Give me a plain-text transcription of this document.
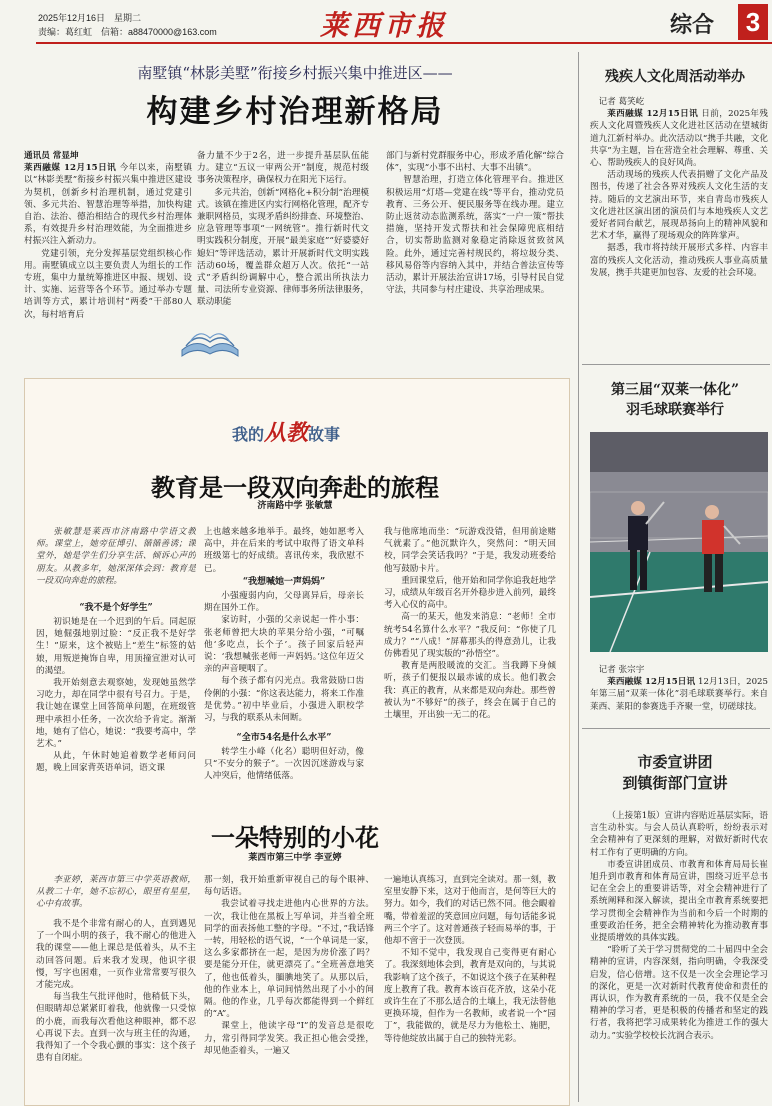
2025年12月16日　星期二
责编：葛红虹　信箱：a88470000@163.com	莱西市报	综合 3
南墅镇“林影美墅”衔接乡村振兴集中推进区——
构建乡村治理新格局

通讯员 常显坤

莱西融媒 12月15日讯 今年以来，南墅镇以“林影美墅”衔接乡村振兴集中推进区建设为契机，创新乡村治理机制，通过党建引领、多元共治、智慧治理等举措，加快构建自治、法治、德治相结合的现代乡村治理体系，有效提升乡村治理效能，为全面推进乡村振兴注入新动力。

党建引领，充分发挥基层党组织核心作用。南墅镇成立以主要负责人为组长的工作专班，集中力量统筹推进区申报、规划、设计、实施、运营等各个环节。通过举办专题培训等方式，累计培训村“两委”干部80人次，每村培育后

备力量不少于2名，进一步提升基层队伍能力。建立“五议一审两公开”制度，规范村级事务决策程序，确保权力在阳光下运行。

多元共治，创新“网格化+积分制”治理模式。该镇在推进区内实行网格化管理，配齐专兼职网格员，实现矛盾纠纷排查、环境整治、应急管理等事项“一网统管”。推行新时代文明实践积分制度，开展“最美家庭”“好婆婆好媳妇”等评选活动，累计开展新时代文明实践活动60场，覆盖群众超万人次。依托“一站式”矛盾纠纷调解中心，整合派出所执法力量、司法所专业资源、律师事务所法律服务，联动职能

部门与新村党群服务中心，形成矛盾化解“综合体”，实现“小事不出村、大事不出镇”。

智慧治理，打造立体化管理平台。推进区积极运用“灯塔—党建在线”等平台，推动党员教育、三务公开、便民服务等在线办理。建立防止返贫动态监测系统，落实“一户一策”帮扶措施，坚持开发式帮扶和社会保障兜底相结合，切实帮助监测对象稳定消除返贫致贫风险。此外，通过完善村规民约，将垃圾分类、移风易俗等内容纳入其中，并结合普法宣传等活动，累计开展法治宣讲17场，引导村民自觉守法，共同参与村庄建设、共享治理成果。

残疾人文化周活动举办

记者 葛笑屹

莱西融媒 12月15日讯 日前，2025年残疾人文化周暨残疾人文化进社区活动在望城街道九江新村举办。此次活动以“携手共融，文化共享”为主题，旨在营造全社会理解、尊重、关心、帮助残疾人的良好风尚。

活动现场的残疾人代表捐赠了文化产品及图书，传递了社会各界对残疾人文化生活的支持。随后的文艺演出环节，来自青岛市残疾人文化进社区演出团的演员们与本地残疾人文艺爱好者同台献艺，展现昂扬向上的精神风貌和艺术才华，赢得了现场观众的阵阵掌声。

据悉，我市将持续开展形式多样、内容丰富的残疾人文化活动，推动残疾人事业高质量发展，携手共建更加包容、友爱的社会环境。

第三届“双莱一体化”
羽毛球联赛举行

记者 张宗宇

莱西融媒 12月15日讯 12月13日，2025年第三届“双莱一体化”羽毛球联赛举行。来自莱西、莱阳的参赛选手齐聚一堂，切磋球技。

市委宣讲团
到镇街部门宣讲

（上接第1版）宣讲内容贴近基层实际，语言生动朴实。与会人员认真聆听，纷纷表示对全会精神有了更深刻的理解，对做好新时代农村工作有了更明确的方向。

市委宣讲团成员、市教育和体育局局长崔旭升到市教育和体育局宣讲，围绕习近平总书记在全会上的重要讲话等，对全会精神进行了系统阐释和深入解读，提出全市教育系统要把学习贯彻全会精神作为当前和今后一个时期的重要政治任务，把全会精神转化为推动教育事业提质增效的具体实践。

“聆听了关于学习贯彻党的二十届四中全会精神的宣讲，内容深刻，指向明确，令我深受启发，信心倍增。这不仅是一次全会理论学习的深化，更是一次对新时代教育使命和责任的再认识，作为教育系统的一员，我不仅是全会精神的学习者，更是积极的传播者和坚定的践行者，我将把学习成果转化为推进工作的强大动力。”实验学校校长沈润合表示。

我的从教故事
教育是一段双向奔赴的旅程
济南路中学 张敏慧

张敏慧是莱西市济南路中学语文教师。课堂上，她旁征博引、循循善诱；课堂外，她是学生们分享生活、倾诉心声的朋友。从教多年，她深深体会到：教育是一段双向奔赴的旅程。

“我不是个好学生”

初识她是在一个迟到的午后。同起原因，她倔强地别过脸：“反正我不是好学生！”原来，这个被贴上“差生”标签的姑娘，用叛逆掩饰自卑，用顶撞宣泄对认可的渴望。

我开始刻意去观察她，发现她虽然学习吃力，却在同学中很有号召力。于是，我让她在课堂上回答简单问题，在班级管理中承担小任务，一次次给予肯定。渐渐地，她有了信心，她说：“我要考高中，学艺术。”

从此，午休时她追着数学老师问问题，晚上回家背英语单词，语文课

上也越来越多地举手。最终，她如愿考入高中，并在后来的考试中取得了语文单科班级第七的好成绩。喜讯传来，我欣慰不已。

“我想喊她一声妈妈”

小强瘦弱内向，父母离异后，母亲长期在国外工作。

家访时，小强的父亲说起一件小事：张老师曾把大块的苹果分给小强，“可嘱他‘多吃点，长个子’。孩子回家后轻声说：‘我想喊张老师一声妈妈。’这位年迈父亲的声音哽咽了。

每个孩子都有闪光点。我常鼓励口齿伶俐的小强：“你这表达能力，将来工作准是优势。”初中毕业后，小强进入职校学习，与我的联系从未间断。

“全市54名是什么水平”

转学生小峰（化名）聪明但好动，像只“不安分的猴子”。一次因沉迷游戏与家人冲突后，他情绪低落。

我与他席地而坐：“玩游戏没错，但用前途赌气就素了。”他沉默许久，突然问：“明天回校，同学会笑话我吗？”于是，我发动班委给他写鼓励卡片。

重回课堂后，他开始和同学你追我赶地学习，成绩从年级百名开外稳步进入前列，最终考入心仪的高中。

高一的某天，他发来消息：“老师！全市统考54名算什么水平？”我反问：“你使了几成力？”“八成！”屏幕那头的得意劲儿，让我仿佛看见了现实版的“孙悟空”。

教育是两股暖流的交汇。当我蹲下身倾听，孩子们便报以最赤诚的成长。他们教会我：真正的教育，从来都是双向奔赴。那些曾被认为“不够好”的孩子，终会在属于自己的土壤里，开出独一无二的花。

一朵特别的小花
莱西市第三中学 李亚婷

李亚婷，莱西市第三中学英语教师，从教二十年，她不忘初心，眼里有星星，心中有故事。

我不是个非常有耐心的人，直到遇见了一个叫小明的孩子，我不耐心的他进入我的课堂——他上课总是低着头，从不主动回答问题。后来我才发现，他识字很慢，写字也困难，一页作业常常要写很久才能完成。

每当我生气批评他时，他稍低下头，但眼睛却总紧紧盯着我，他就像一只受惊的小鹿，而我每次看他这种眼神，都不忍心再说下去。直到一次与班主任的沟通，我得知了一个令我心颤的事实：这个孩子患有自闭症。

那一刻，我开始重新审视自己的每个眼神、每句话语。

我尝试着寻找走进他内心世界的方法。一次，我让他在黑板上写单词，并当着全班同学的面表扬他工整的字母。“不过，”我话锋一转，用轻松的语气说，“一个单词是一家，这么多家都挤在一起，是因为房价涨了吗？要是能分开住，就更漂亮了。”全班善意地笑了，他也低着头，腼腆地笑了。从那以后，他的作业本上，单词间悄然出现了小小的间隔。他的作业，几乎每次都能得到一个鲜红的“A”。

课堂上，他读字母“I”的发音总是很吃力，常引得同学发笑。我正担心他会受挫，却见他歪着头，一遍又

一遍地认真练习，直到完全读对。那一刻，教室里安静下来，这对于他而言，是何等巨大的努力。如今，我们的对话已然不同。他会靦着嘴，带着羞涩的笑意回应问题，每句话能多说两三个字了。这对普通孩子轻而易举的事，于他却不啻于一次登顶。

不知不觉中，我发现自己变得更有耐心了。我深刻地体会到，教育是双向的，与其说我影响了这个孩子，不如说这个孩子在某种程度上教育了我。教育本该百花齐放，这朵小花或许生在了不那么适合的土壤上，我无法替他更换环境，但作为一名教师，或者说一个“园丁”，我能做的，就是尽力为他松土、施肥，等待他绽放出属于自己的独特光彩。
